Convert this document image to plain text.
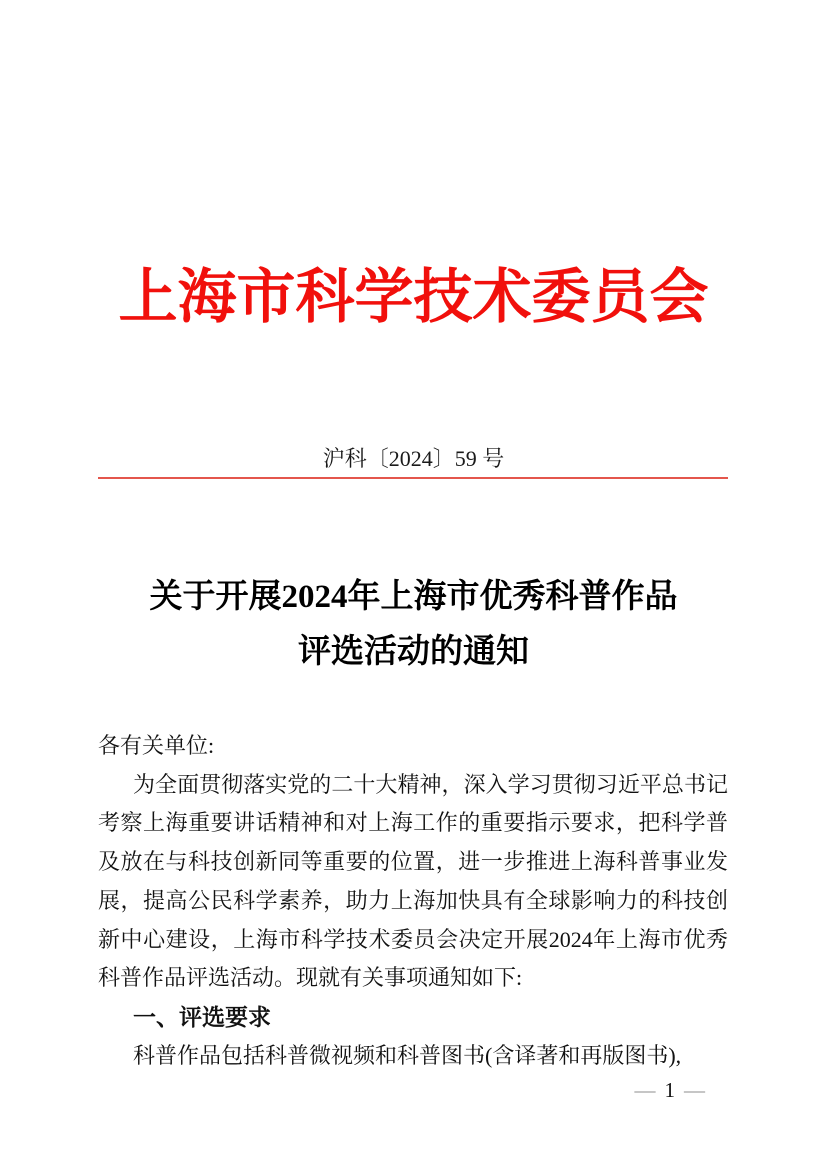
上海市科学技术委员会
沪科〔2024〕59 号
关于开展2024年上海市优秀科普作品
评选活动的通知
各有关单位:
为全面贯彻落实党的二十大精神，深入学习贯彻习近平总书记
考察上海重要讲话精神和对上海工作的重要指示要求，把科学普
及放在与科技创新同等重要的位置，进一步推进上海科普事业发
展，提高公民科学素养，助力上海加快具有全球影响力的科技创
新中心建设，上海市科学技术委员会决定开展2024年上海市优秀
科普作品评选活动。现就有关事项通知如下:
一、评选要求
科普作品包括科普微视频和科普图书(含译著和再版图书),
— 1 —
